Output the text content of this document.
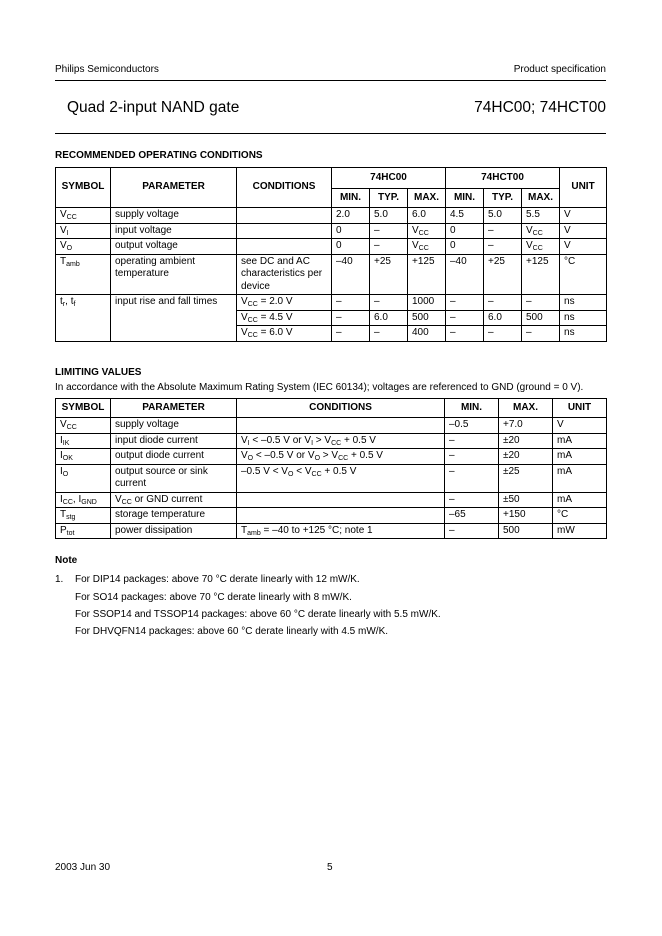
Philips Semiconductors	Product specification
Quad 2-input NAND gate	74HC00; 74HCT00
RECOMMENDED OPERATING CONDITIONS
SYMBOL	PARAMETER	CONDITIONS	74HC00			74HCT00			UNIT
			MIN.	TYP.	MAX.	MIN.	TYP.	MAX.	
$V_{CC}$	supply voltage		2.0	5.0	6.0	4.5	5.0	5.5	V
$V_I$	input voltage		0	–	$V_{CC}$	0	–	$V_{CC}$	V
$V_O$	output voltage		0	–	$V_{CC}$	0	–	$V_{CC}$	V
$T_{amb}$	operating ambient temperature	see DC and AC characteristics per device	–40	+25	+125	–40	+25	+125	°C
$t_r$, $t_f$	input rise and fall times	$V_{CC} = 2.0$ V	–	–	1000	–	–	–	ns
		$V_{CC} = 4.5$ V	–	6.0	500	–	6.0	500	ns
		$V_{CC} = 6.0$ V	–	–	400	–	–	–	ns
LIMITING VALUES
In accordance with the Absolute Maximum Rating System (IEC 60134); voltages are referenced to GND (ground = 0 V).
SYMBOL	PARAMETER	CONDITIONS	MIN.	MAX.	UNIT
$V_{CC}$	supply voltage		–0.5	+7.0	V
$I_{IK}$	input diode current	$V_I < -0.5$ V or $V_I > V_{CC} + 0.5$ V	–	±20	mA
$I_{OK}$	output diode current	$V_O < -0.5$ V or $V_O > V_{CC} + 0.5$ V	–	±20	mA
$I_O$	output source or sink current	–0.5 $V < V_O < V_{CC} + 0.5$ V	–	±25	mA
$I_{CC}$, $I_{GND}$	$V_{CC}$ or GND current		–	±50	mA
$T_{stg}$	storage temperature		–65	+150	°C
$P_{tot}$	power dissipation	$T_{amb} = -40$ to +125 °C; note 1	–	500	mW
Note
1. For DIP14 packages: above 70 °C derate linearly with 12 mW/K.
For SO14 packages: above 70 °C derate linearly with 8 mW/K.
For SSOP14 and TSSOP14 packages: above 60 °C derate linearly with 5.5 mW/K.
For DHVQFN14 packages: above 60 °C derate linearly with 4.5 mW/K.
2003 Jun 30	5
